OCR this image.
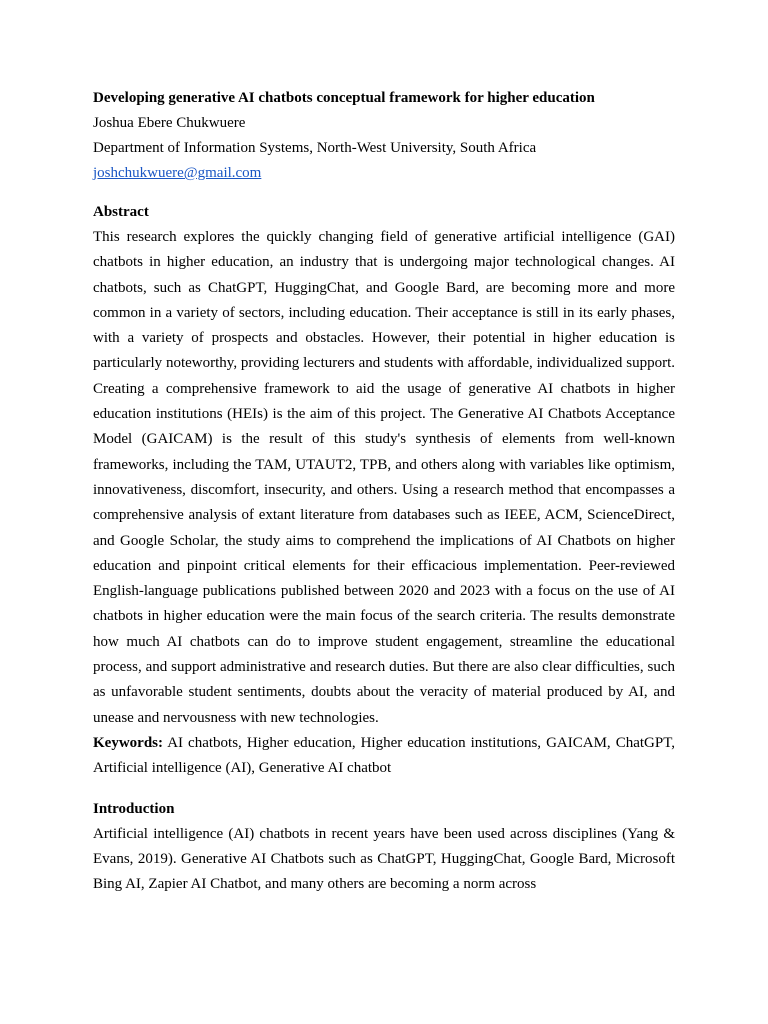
Developing generative AI chatbots conceptual framework for higher education

Joshua Ebere Chukwuere

Department of Information Systems, North-West University, South Africa

joshchukwuere@gmail.com

Abstract

This research explores the quickly changing field of generative artificial intelligence (GAI) chatbots in higher education, an industry that is undergoing major technological changes. AI chatbots, such as ChatGPT, HuggingChat, and Google Bard, are becoming more and more common in a variety of sectors, including education. Their acceptance is still in its early phases, with a variety of prospects and obstacles. However, their potential in higher education is particularly noteworthy, providing lecturers and students with affordable, individualized support. Creating a comprehensive framework to aid the usage of generative AI chatbots in higher education institutions (HEIs) is the aim of this project. The Generative AI Chatbots Acceptance Model (GAICAM) is the result of this study's synthesis of elements from well-known frameworks, including the TAM, UTAUT2, TPB, and others along with variables like optimism, innovativeness, discomfort, insecurity, and others. Using a research method that encompasses a comprehensive analysis of extant literature from databases such as IEEE, ACM, ScienceDirect, and Google Scholar, the study aims to comprehend the implications of AI Chatbots on higher education and pinpoint critical elements for their efficacious implementation. Peer-reviewed English-language publications published between 2020 and 2023 with a focus on the use of AI chatbots in higher education were the main focus of the search criteria. The results demonstrate how much AI chatbots can do to improve student engagement, streamline the educational process, and support administrative and research duties. But there are also clear difficulties, such as unfavorable student sentiments, doubts about the veracity of material produced by AI, and unease and nervousness with new technologies.

Keywords: AI chatbots, Higher education, Higher education institutions, GAICAM, ChatGPT, Artificial intelligence (AI), Generative AI chatbot

Introduction

Artificial intelligence (AI) chatbots in recent years have been used across disciplines (Yang & Evans, 2019). Generative AI Chatbots such as ChatGPT, HuggingChat, Google Bard, Microsoft Bing AI, Zapier AI Chatbot, and many others are becoming a norm across
